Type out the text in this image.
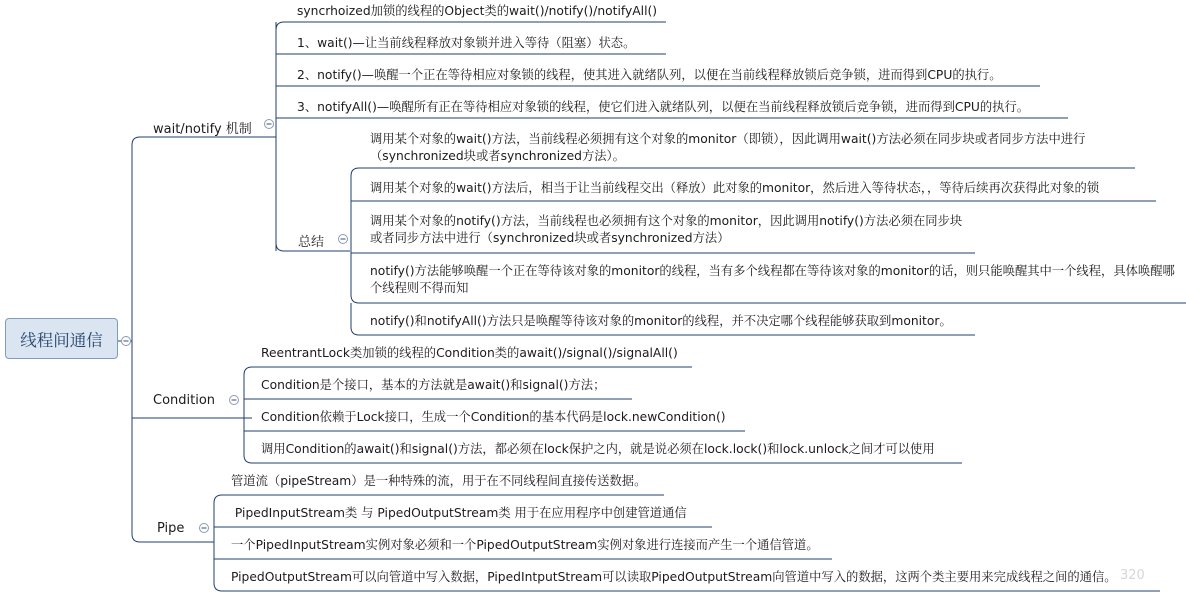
线程间通信
wait/notify 机制
总结
Condition
Pipe
syncrhoized加锁的线程的Object类的wait()/notify()/notifyAll()
1、wait()—让当前线程释放对象锁并进入等待（阻塞）状态。
2、notify()—唤醒一个正在等待相应对象锁的线程，使其进入就绪队列，以便在当前线程释放锁后竞争锁，进而得到CPU的执行。
3、notifyAll()—唤醒所有正在等待相应对象锁的线程，使它们进入就绪队列，以便在当前线程释放锁后竞争锁，进而得到CPU的执行。
调用某个对象的wait()方法，当前线程必须拥有这个对象的monitor（即锁），因此调用wait()方法必须在同步块或者同步方法中进行（synchronized块或者synchronized方法）。
调用某个对象的wait()方法后，相当于让当前线程交出（释放）此对象的monitor，然后进入等待状态，，等待后续再次获得此对象的锁
调用某个对象的notify()方法，当前线程也必须拥有这个对象的monitor，因此调用notify()方法必须在同步块或者同步方法中进行（synchronized块或者synchronized方法）
notify()方法能够唤醒一个正在等待该对象的monitor的线程，当有多个线程都在等待该对象的monitor的话，则只能唤醒其中一个线程，具体唤醒哪个线程则不得而知
notify()和notifyAll()方法只是唤醒等待该对象的monitor的线程，并不决定哪个线程能够获取到monitor。
ReentrantLock类加锁的线程的Condition类的await()/signal()/signalAll()
Condition是个接口，基本的方法就是await()和signal()方法；
Condition依赖于Lock接口，生成一个Condition的基本代码是lock.newCondition()
调用Condition的await()和signal()方法，都必须在lock保护之内，就是说必须在lock.lock()和lock.unlock之间才可以使用
管道流（pipeStream）是一种特殊的流，用于在不同线程间直接传送数据。
PipedInputStream类 与 PipedOutputStream类 用于在应用程序中创建管道通信
一个PipedInputStream实例对象必须和一个PipedOutputStream实例对象进行连接而产生一个通信管道。
PipedOutputStream可以向管道中写入数据，PipedIntputStream可以读取PipedOutputStream向管道中写入的数据，这两个类主要用来完成线程之间的通信。 320
